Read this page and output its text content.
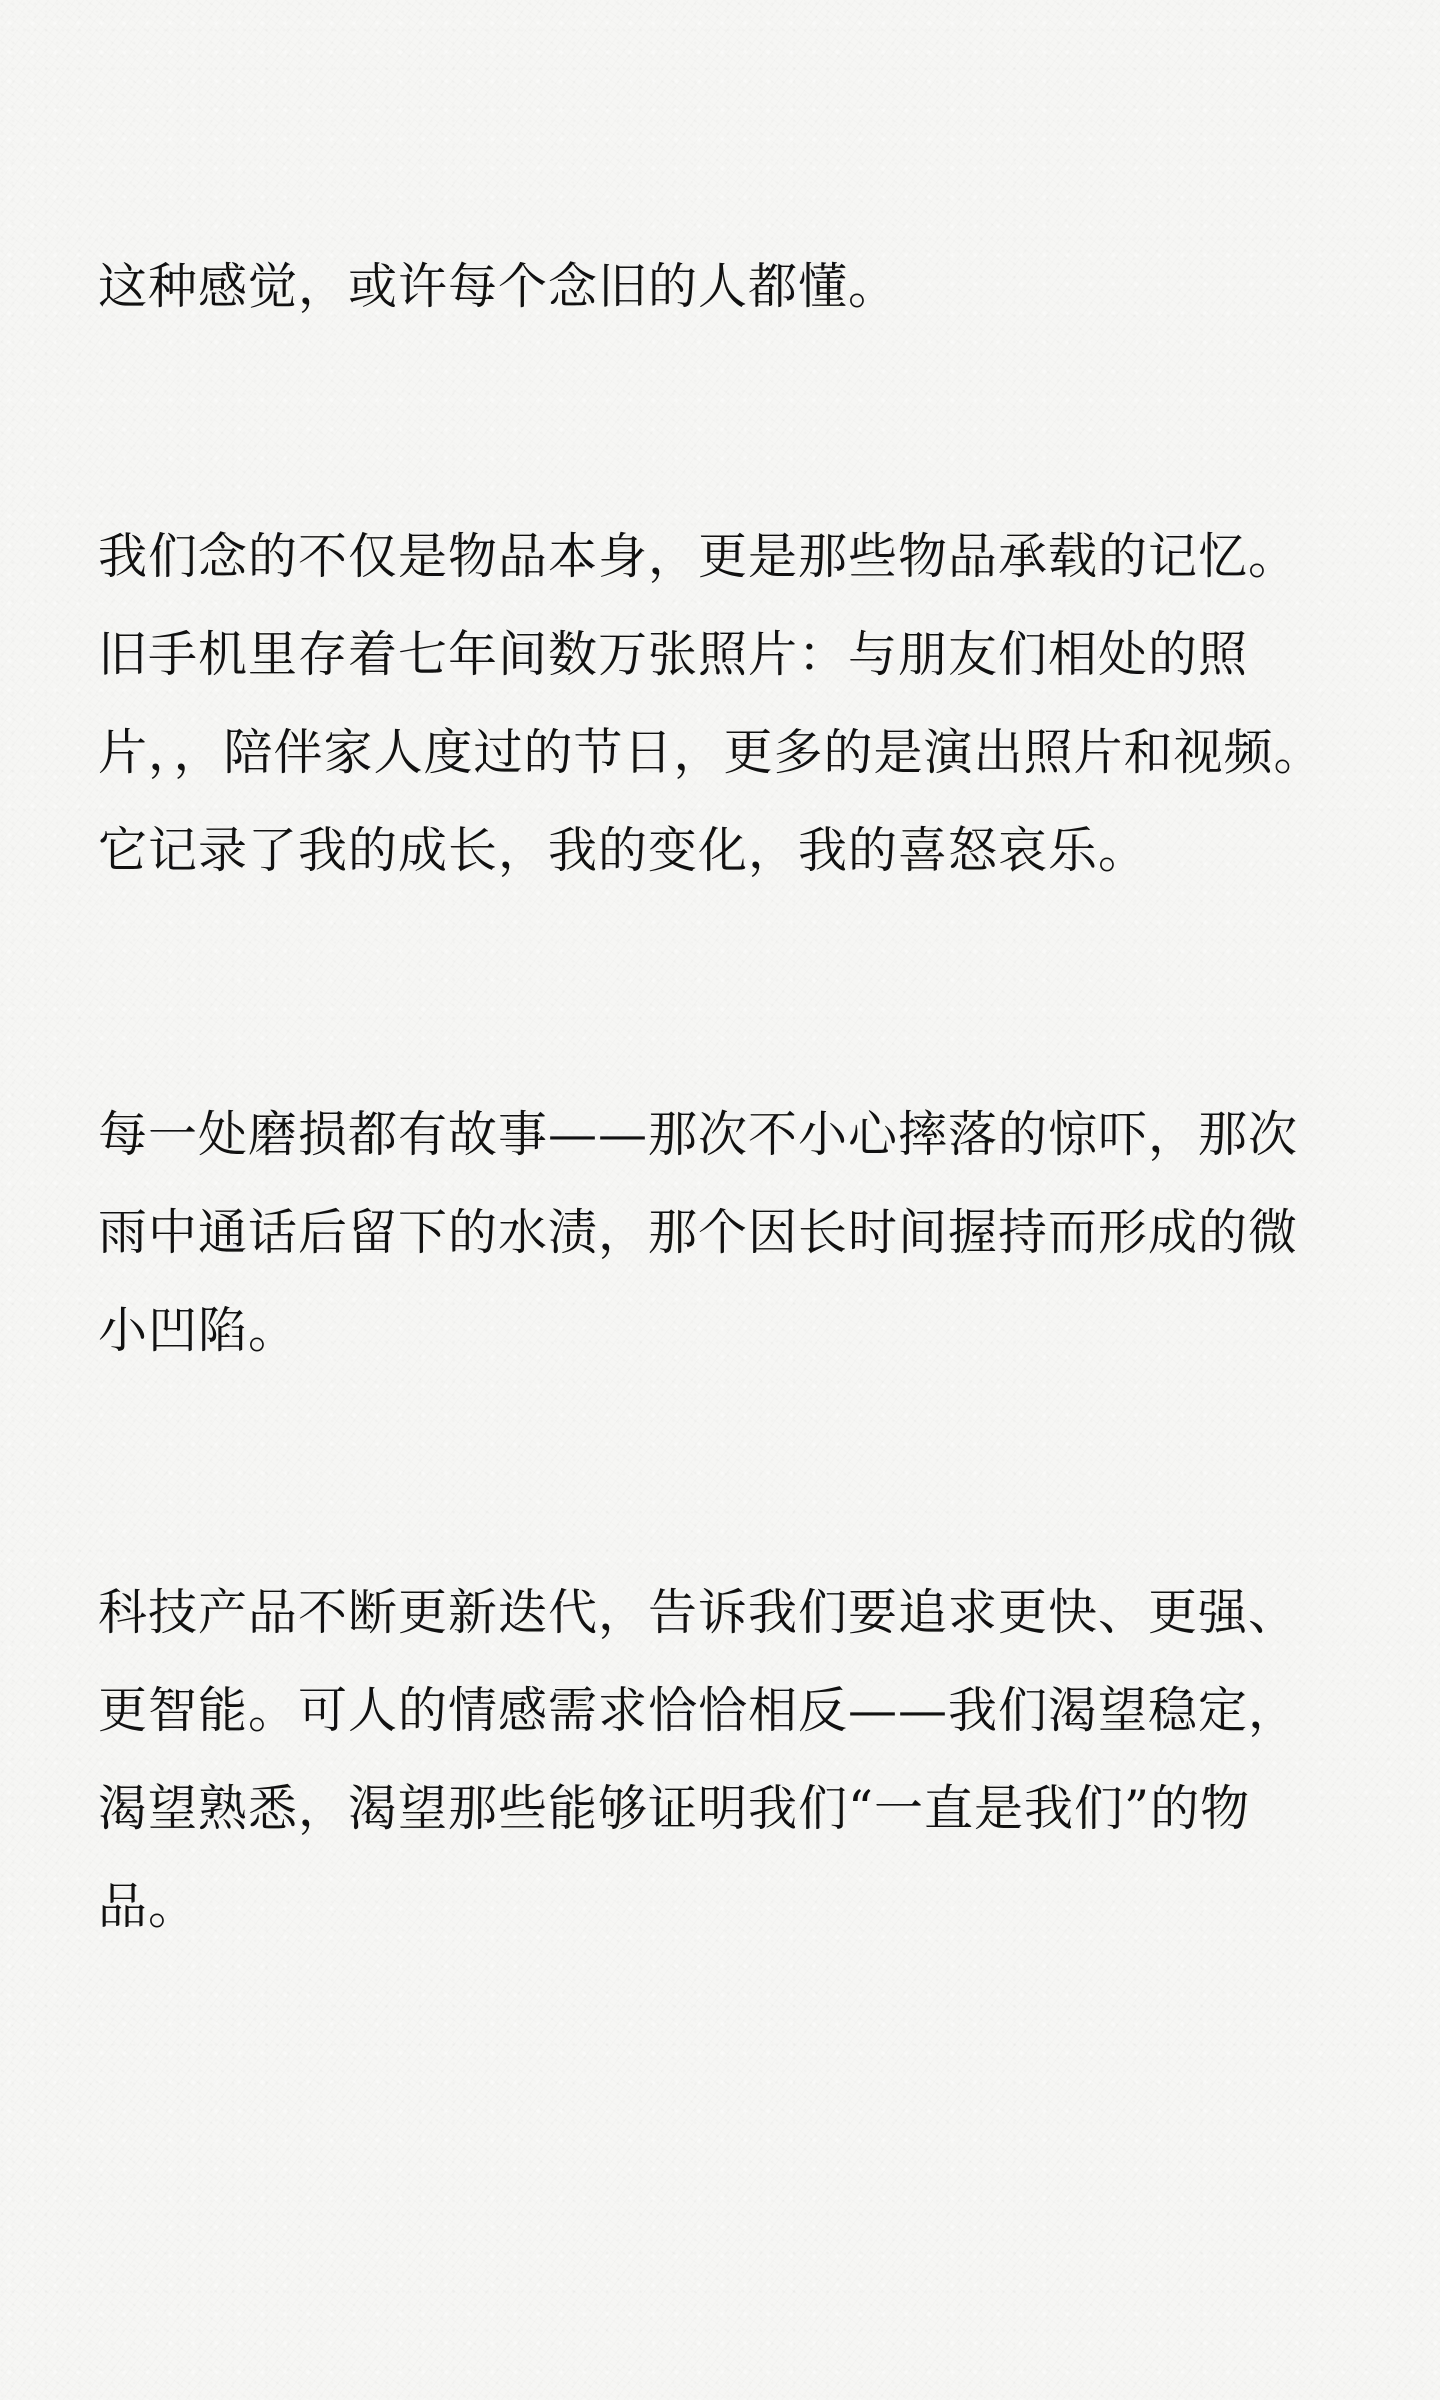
这种感觉，或许每个念旧的人都懂。

我们念的不仅是物品本身，更是那些物品承载的记忆。旧手机里存着七年间数万张照片：与朋友们相处的照片，，陪伴家人度过的节日，更多的是演出照片和视频。它记录了我的成长，我的变化，我的喜怒哀乐。

每一处磨损都有故事——那次不小心摔落的惊吓，那次雨中通话后留下的水渍，那个因长时间握持而形成的微小凹陷。

科技产品不断更新迭代，告诉我们要追求更快、更强、更智能。可人的情感需求恰恰相反——我们渴望稳定，渴望熟悉，渴望那些能够证明我们“一直是我们”的物品。
